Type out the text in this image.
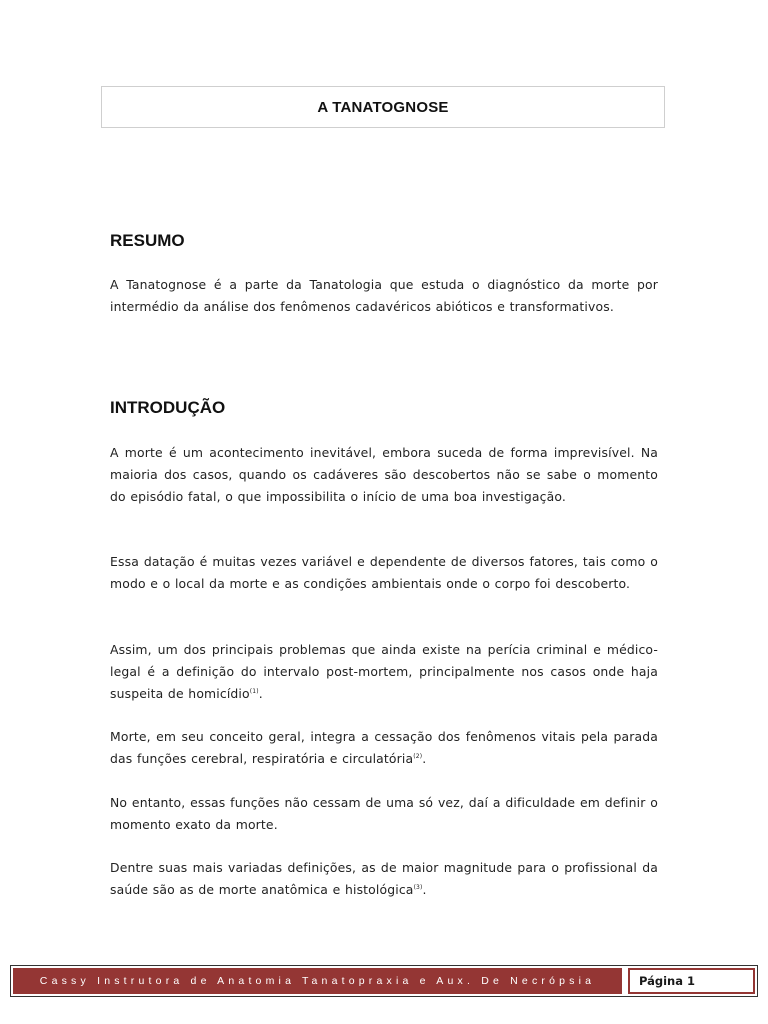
A TANATOGNOSE
RESUMO

A Tanatognose é a parte da Tanatologia que estuda o diagnóstico da morte por intermédio da análise dos fenômenos cadavéricos abióticos e transformativos.

INTRODUÇÃO

A morte é um acontecimento inevitável, embora suceda de forma imprevisível. Na maioria dos casos, quando os cadáveres são descobertos não se sabe o momento do episódio fatal, o que impossibilita o início de uma boa investigação.

Essa datação é muitas vezes variável e dependente de diversos fatores, tais como o modo e o local da morte e as condições ambientais onde o corpo foi descoberto.

Assim, um dos principais problemas que ainda existe na perícia criminal e médico-legal é a definição do intervalo post-mortem, principalmente nos casos onde haja suspeita de homicídio$^{(1)}$.

Morte, em seu conceito geral, integra a cessação dos fenômenos vitais pela parada das funções cerebral, respiratória e circulatória$^{(2)}$.

No entanto, essas funções não cessam de uma só vez, daí a dificuldade em definir o momento exato da morte.

Dentre suas mais variadas definições, as de maior magnitude para o profissional da saúde são as de morte anatômica e histológica$^{(3)}$.

Cassy Instrutora de Anatomia Tanatopraxia e Aux. De Necrópsia	Página 1
